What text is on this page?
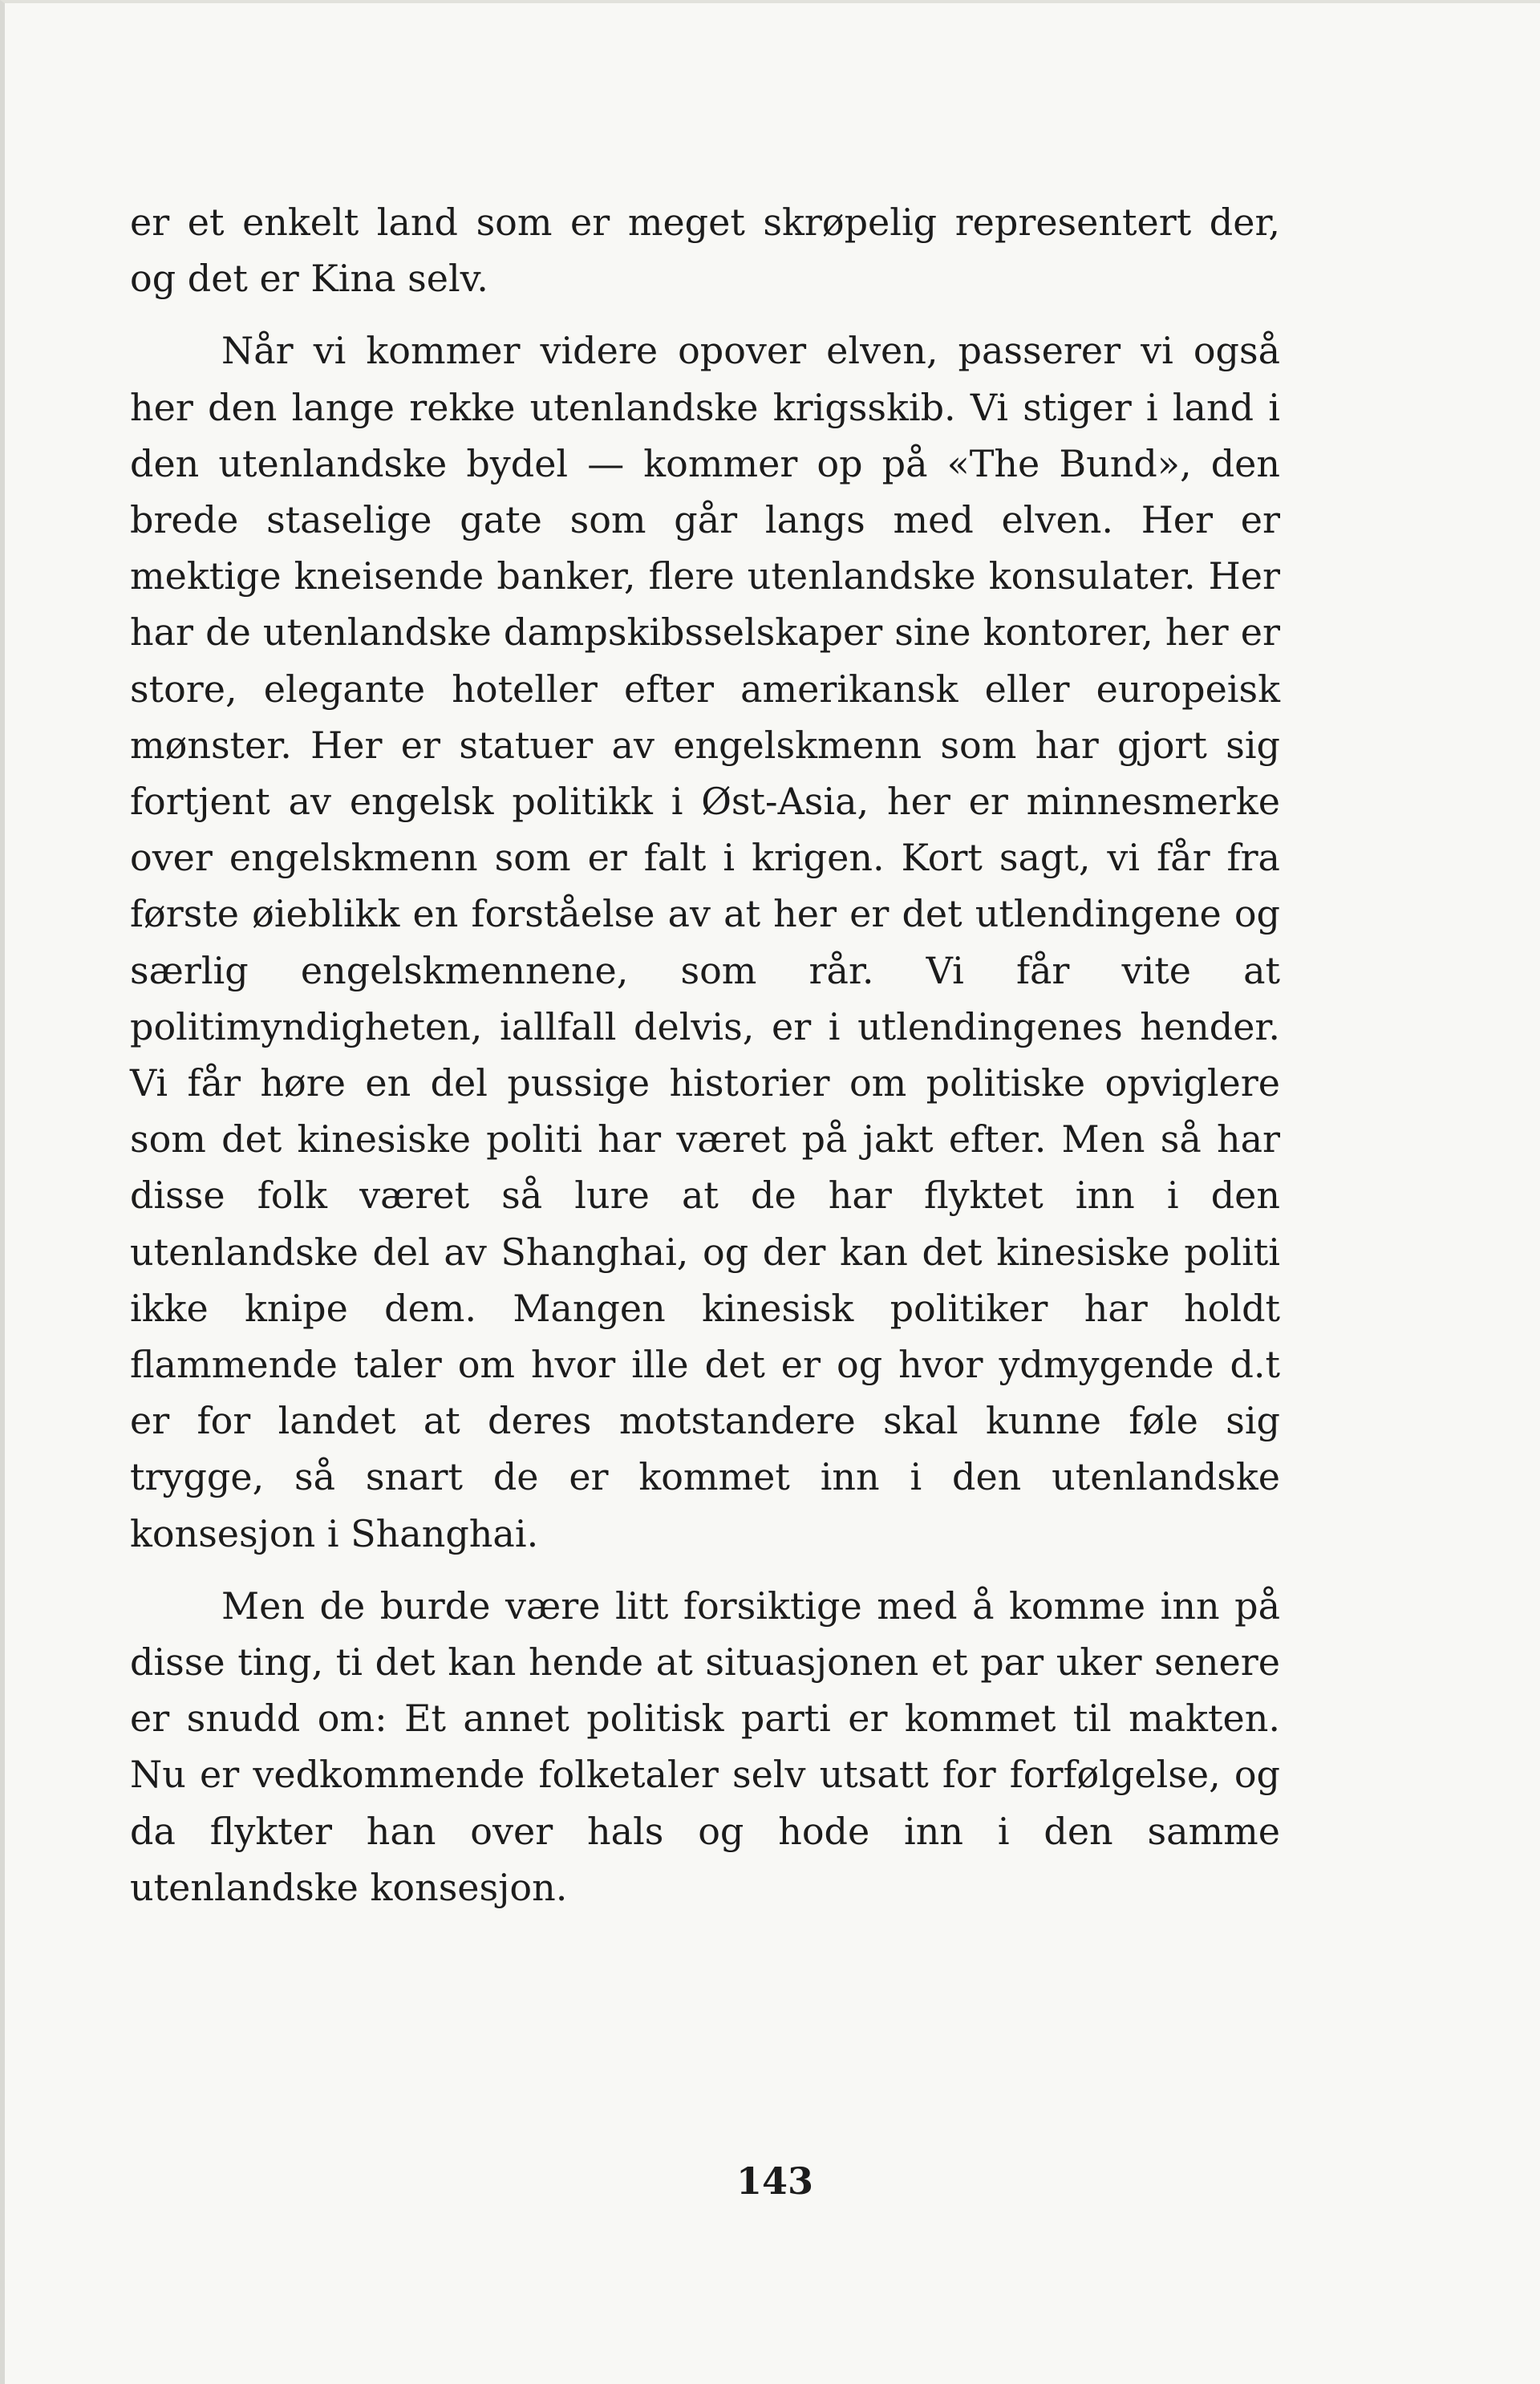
er et enkelt land som er meget skrøpelig representert der, og det er Kina selv.

Når vi kommer videre opover elven, passerer vi også her den lange rekke utenlandske krigsskib. Vi stiger i land i den utenlandske bydel — kommer op på «The Bund», den brede staselige gate som går langs med elven. Her er mektige kneisende banker, flere utenlandske konsulater. Her har de utenlandske dampskibsselskaper sine kontorer, her er store, elegante hoteller efter amerikansk eller europeisk mønster. Her er statuer av engelskmenn som har gjort sig fortjent av engelsk politikk i Øst-Asia, her er minnesmerke over engelskmenn som er falt i krigen. Kort sagt, vi får fra første øieblikk en forståelse av at her er det utlendingene og særlig engelskmennene, som rår. Vi får vite at politimyndigheten, iallfall delvis, er i utlendingenes hender. Vi får høre en del pussige historier om politiske opviglere som det kinesiske politi har været på jakt efter. Men så har disse folk været så lure at de har flyktet inn i den utenlandske del av Shanghai, og der kan det kinesiske politi ikke knipe dem. Mangen kinesisk politiker har holdt flammende taler om hvor ille det er og hvor ydmygende d.t er for landet at deres motstandere skal kunne føle sig trygge, så snart de er kommet inn i den utenlandske konsesjon i Shanghai.

Men de burde være litt forsiktige med å komme inn på disse ting, ti det kan hende at situasjonen et par uker senere er snudd om: Et annet politisk parti er kommet til makten. Nu er vedkommende folketaler selv utsatt for forfølgelse, og da flykter han over hals og hode inn i den samme utenlandske konsesjon.

143
